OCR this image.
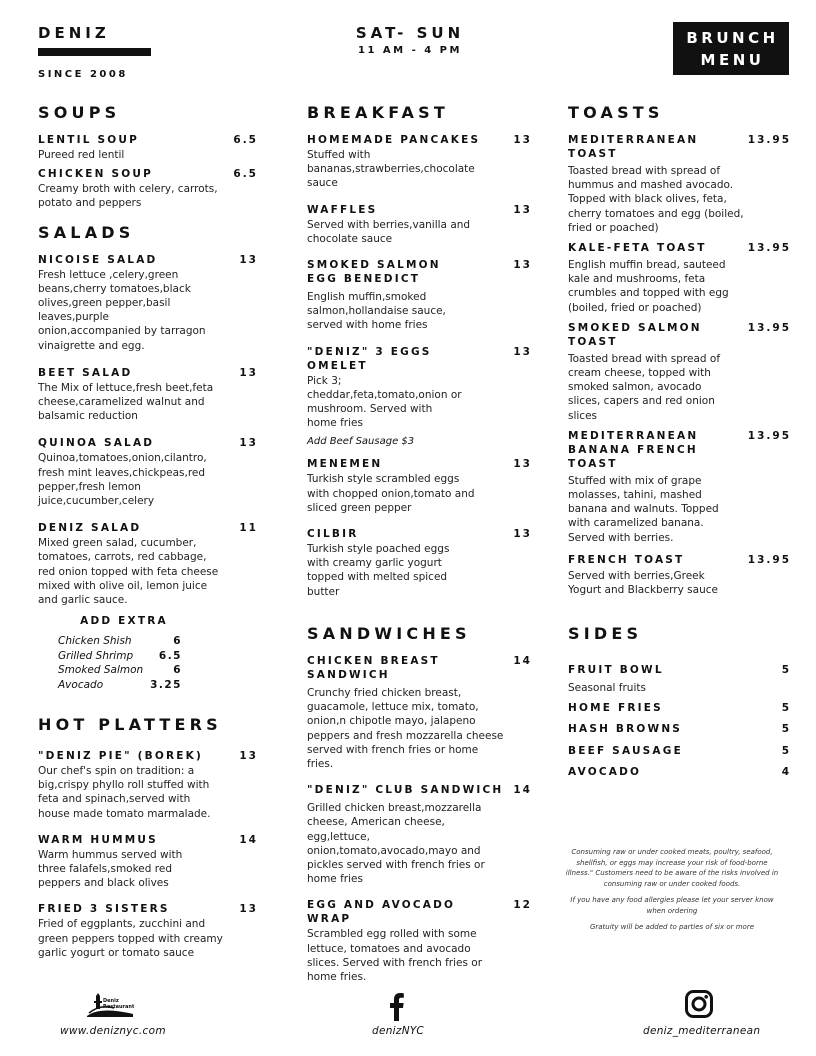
DENIZ
SINCE 2008
SAT- SUN
11 AM - 4 PM
BRUNCH
MENU
SOUPS
LENTIL SOUP	6.5
Pureed red lentil
CHICKEN SOUP	6.5
Creamy broth with celery, carrots, potato and peppers
SALADS
NICOISE SALAD	13
Fresh lettuce ,celery,green beans,cherry tomatoes,black olives,green pepper,basil leaves,purple onion,accompanied by tarragon vinaigrette and egg.
BEET SALAD	13
The Mix of lettuce,fresh beet,feta cheese,caramelized walnut and balsamic reduction
QUINOA SALAD	13
Quinoa,tomatoes,onion,cilantro, fresh mint leaves,chickpeas,red pepper,fresh lemon juice,cucumber,celery
DENIZ SALAD	11
Mixed green salad, cucumber, tomatoes, carrots, red cabbage, red onion topped with feta cheese mixed with olive oil, lemon juice and garlic sauce.
ADD EXTRA
Chicken Shish	6
Grilled Shrimp 6.5
Smoked Salmon	6
Avocado	3.25
HOT PLATTERS
"DENIZ PIE" (BOREK)	13
Our chef's spin on tradition: a big,crispy phyllo roll stuffed with feta and spinach,served with house made tomato marmalade.
WARM HUMMUS	14
Warm hummus served with three falafels,smoked red peppers and black olives
FRIED 3 SISTERS	13
Fried of eggplants, zucchini and green peppers topped with creamy garlic yogurt or tomato sauce
BREAKFAST
HOMEMADE PANCAKES	13
Stuffed with bananas,strawberries,chocolate sauce
WAFFLES	13
Served with berries,vanilla and chocolate sauce
SMOKED SALMON EGG BENEDICT
13
English muffin,smoked salmon,hollandaise sauce, served with home fries
"DENIZ" 3 EGGS OMELET
13
Pick 3; cheddar,feta,tomato,onion or mushroom. Served with home fries
Add Beef Sausage $3
MENEMEN	13
Turkish style scrambled eggs with chopped onion,tomato and sliced green pepper
CILBIR	13
Turkish style poached eggs with creamy garlic yogurt topped with melted spiced butter
SANDWICHES
CHICKEN BREAST SANDWICH
14
Crunchy fried chicken breast, guacamole, lettuce mix, tomato, onion,n chipotle mayo, jalapeno peppers and fresh mozzarella cheese served with french fries or home fries.
"DENIZ" CLUB SANDWICH 14
Grilled chicken breast,mozzarella cheese, American cheese, egg,lettuce, onion,tomato,avocado,mayo and pickles served with french fries or home fries
EGG AND AVOCADO WRAP
12
Scrambled egg rolled with some lettuce, tomatoes and avocado slices. Served with french fries or home fries.
TOASTS
MEDITERRANEAN TOAST
13.95
Toasted bread with spread of hummus and mashed avocado. Topped with black olives, feta, cherry tomatoes and egg (boiled, fried or poached)
KALE-FETA TOAST	13.95
English muffin bread, sauteed kale and mushrooms, feta crumbles and topped with egg (boiled, fried or poached)
SMOKED SALMON TOAST
13.95
Toasted bread with spread of cream cheese, topped with smoked salmon, avocado slices, capers and red onion slices
MEDITERRANEAN BANANA FRENCH TOAST
13.95
Stuffed with mix of grape molasses, tahini, mashed banana and walnuts. Topped with caramelized banana. Served with berries.
FRENCH TOAST	13.95
Served with berries,Greek Yogurt and Blackberry sauce
SIDES
FRUIT BOWL	5
Seasonal fruits
HOME FRIES	5
HASH BROWNS	5
BEEF SAUSAGE	5
AVOCADO	4

Consuming raw or under cooked meats, poultry, seafood, shellfish, or eggs may increase your risk of food-borne illness." Customers need to be aware of the risks involved in consuming raw or under cooked foods.

If you have any food allergies please let your server know when ordering

Gratuity will be added to parties of six or more

Deniz
Restaurant
www.deniznyc.com	denizNYC	deniz_mediterranean
